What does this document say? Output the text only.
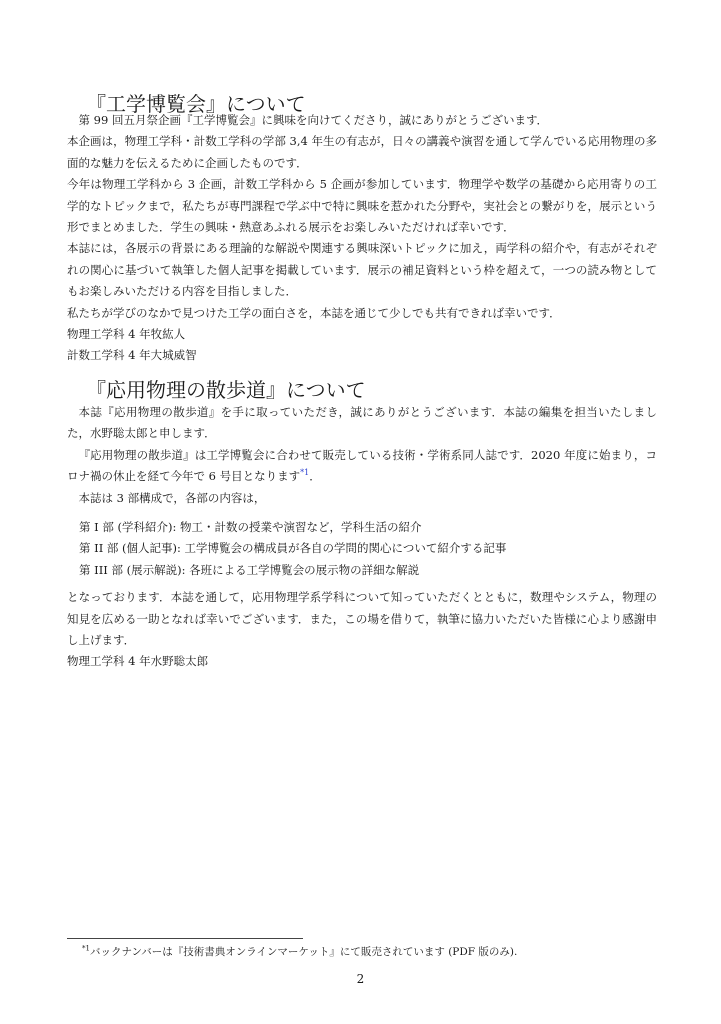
『工学博覧会』について

第 99 回五月祭企画『工学博覧会』に興味を向けてくださり，誠にありがとうございます．

本企画は，物理工学科・計数工学科の学部 3,4 年生の有志が，日々の講義や演習を通して学んでいる応用物理の多面的な魅力を伝えるために企画したものです．

今年は物理工学科から 3 企画，計数工学科から 5 企画が参加しています．物理学や数学の基礎から応用寄りの工学的なトピックまで，私たちが専門課程で学ぶ中で特に興味を惹かれた分野や，実社会との繋がりを，展示という形でまとめました．学生の興味・熱意あふれる展示をお楽しみいただければ幸いです．

本誌には，各展示の背景にある理論的な解説や関連する興味深いトピックに加え，両学科の紹介や，有志がそれぞれの関心に基づいて執筆した個人記事を掲載しています．展示の補足資料という枠を超えて，一つの読み物としてもお楽しみいただける内容を目指しました．

私たちが学びのなかで見つけた工学の面白さを，本誌を通じて少しでも共有できれば幸いです．

物理工学科 4 年牧紘人

計数工学科 4 年大城威智

『応用物理の散歩道』について

本誌『応用物理の散歩道』を手に取っていただき，誠にありがとうございます．本誌の編集を担当いたしました，水野聡太郎と申します．

『応用物理の散歩道』は工学博覧会に合わせて販売している技術・学術系同人誌です．2020 年度に始まり，コロナ禍の休止を経て今年で 6 号目となります$^{*1}$．

本誌は 3 部構成で，各部の内容は，

第 I 部 (学科紹介): 物工・計数の授業や演習など，学科生活の紹介
第 II 部 (個人記事): 工学博覧会の構成員が各自の学問的関心について紹介する記事
第 III 部 (展示解説): 各班による工学博覧会の展示物の詳細な解説

となっております．本誌を通して，応用物理学系学科について知っていただくとともに，数理やシステム，物理の知見を広める一助となれば幸いでございます．また，この場を借りて，執筆に協力いただいた皆様に心より感謝申し上げます．

物理工学科 4 年水野聡太郎

$^{*1}$バックナンバーは『技術書典オンラインマーケット』にて販売されています (PDF 版のみ).
2
